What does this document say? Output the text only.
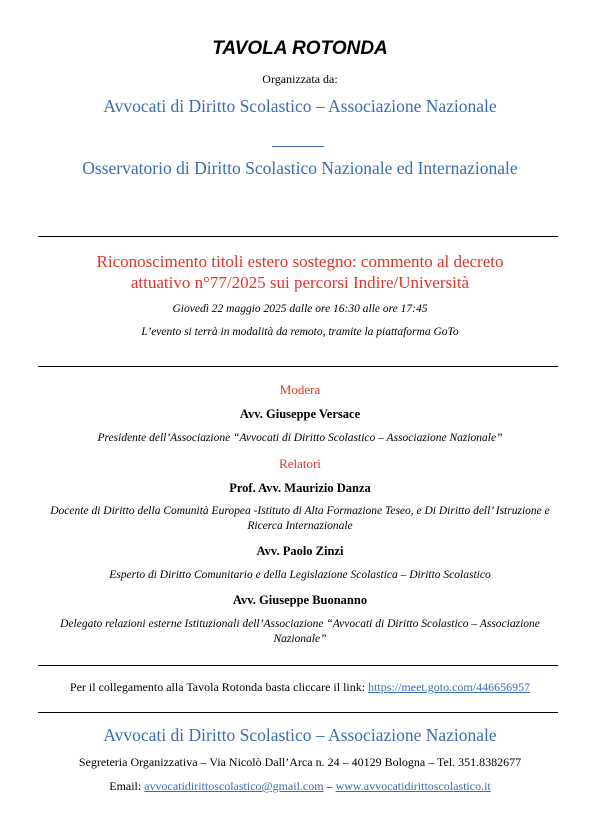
TAVOLA ROTONDA
Organizzata da:
Avvocati di Diritto Scolastico – Associazione Nazionale
Osservatorio di Diritto Scolastico Nazionale ed Internazionale
Riconoscimento titoli estero sostegno: commento al decreto
attuativo n°77/2025 sui percorsi Indire/Università
Giovedì 22 maggio 2025 dalle ore 16:30 alle ore 17:45
L’evento si terrà in modalità da remoto, tramite la piattaforma GoTo
Modera
Avv. Giuseppe Versace
Presidente dell’Associazione “Avvocati di Diritto Scolastico – Associazione Nazionale”
Relatori
Prof. Avv. Maurizio Danza
Docente di Diritto della Comunità Europea -Istituto di Alta Formazione Teseo, e Di Diritto dell’ Istruzione e Ricerca Internazionale
Avv. Paolo Zinzi
Esperto di Diritto Comunitario e della Legislazione Scolastica – Diritto Scolastico
Avv. Giuseppe Buonanno
Delegato relazioni esterne Istituzionali dell’Associazione “Avvocati di Diritto Scolastico – Associazione Nazionale”
Per il collegamento alla Tavola Rotonda basta cliccare il link: https://meet.goto.com/446656957
Avvocati di Diritto Scolastico – Associazione Nazionale
Segreteria Organizzativa – Via Nicolò Dall’Arca n. 24 – 40129 Bologna – Tel. 351.8382677
Email: avvocatidirittoscolastico@gmail.com – www.avvocatidirittoscolastico.it
